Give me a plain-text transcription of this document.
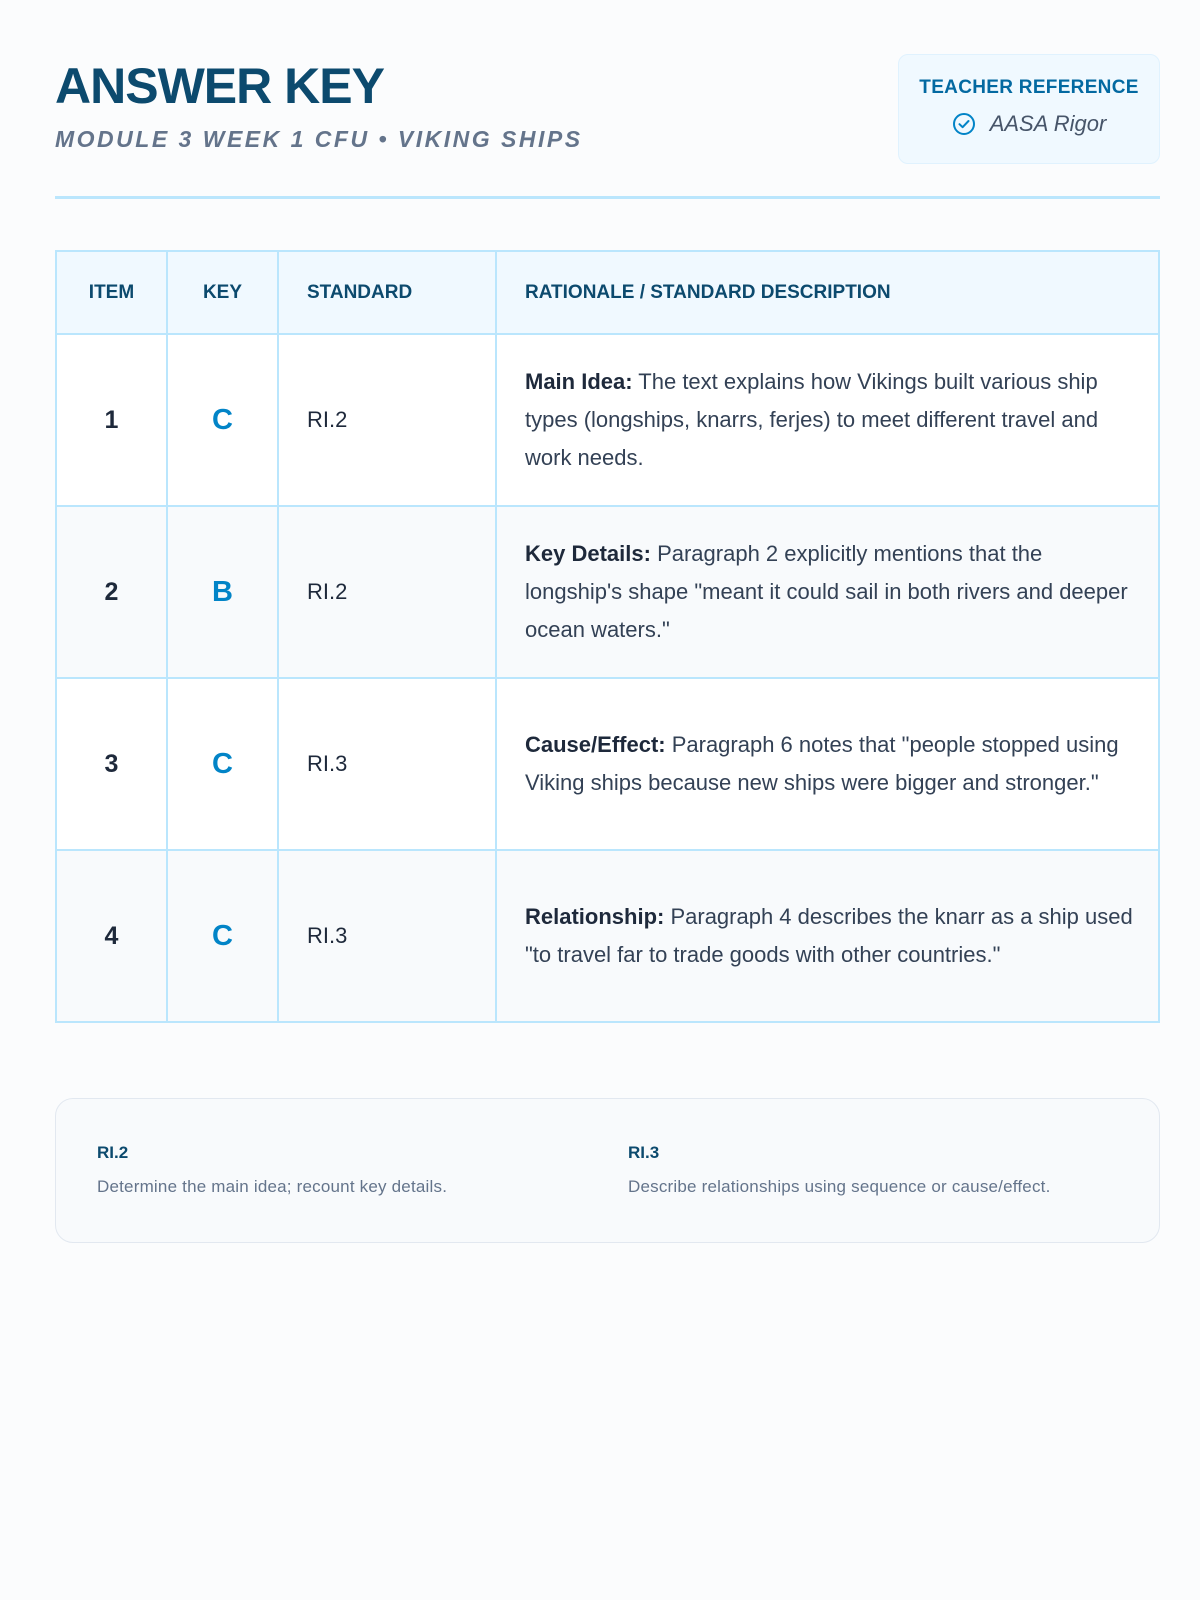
ANSWER KEY
MODULE 3 WEEK 1 CFU • VIKING SHIPS
TEACHER REFERENCE
AASA Rigor
ITEM	KEY	STANDARD	RATIONALE / STANDARD DESCRIPTION
1	C	RI.2	Main Idea: The text explains how Vikings built various ship types (longships, knarrs, ferjes) to meet different travel and work needs.
2	B	RI.2	Key Details: Paragraph 2 explicitly mentions that the longship's shape "meant it could sail in both rivers and deeper ocean waters."
3	C	RI.3	Cause/Effect: Paragraph 6 notes that "people stopped using Viking ships because new ships were bigger and stronger."
4	C	RI.3	Relationship: Paragraph 4 describes the knarr as a ship used "to travel far to trade goods with other countries."
RI.2
Determine the main idea; recount key details.
RI.3
Describe relationships using sequence or cause/effect.
